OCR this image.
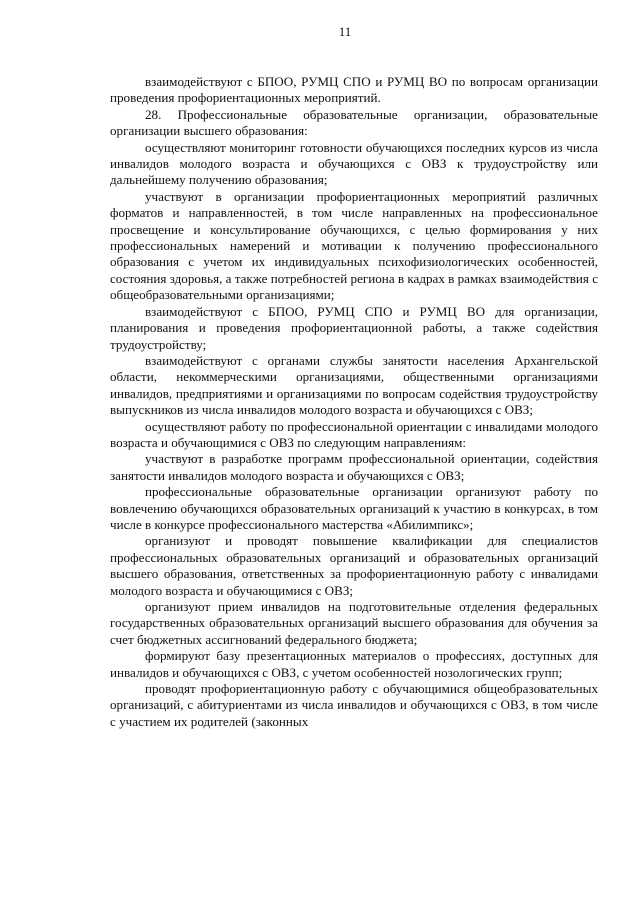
11

взаимодействуют с БПОО, РУМЦ СПО и РУМЦ ВО по вопросам организации проведения профориентационных мероприятий.

28. Профессиональные образовательные организации, образовательные организации высшего образования:

осуществляют мониторинг готовности обучающихся последних курсов из числа инвалидов молодого возраста и обучающихся с ОВЗ к трудоустройству или дальнейшему получению образования;

участвуют в организации профориентационных мероприятий различных форматов и направленностей, в том числе направленных на профессиональное просвещение и консультирование обучающихся, с целью формирования у них профессиональных намерений и мотивации к получению профессионального образования с учетом их индивидуальных психофизиологических особенностей, состояния здоровья, а также потребностей региона в кадрах в рамках взаимодействия с общеобразовательными организациями;

взаимодействуют с БПОО, РУМЦ СПО и РУМЦ ВО для организации, планирования и проведения профориентационной работы, а также содействия трудоустройству;

взаимодействуют с органами службы занятости населения Архангельской области, некоммерческими организациями, общественными организациями инвалидов, предприятиями и организациями по вопросам содействия трудоустройству выпускников из числа инвалидов молодого возраста и обучающихся с ОВЗ;

осуществляют работу по профессиональной ориентации с инвалидами молодого возраста и обучающимися с ОВЗ по следующим направлениям:

участвуют в разработке программ профессиональной ориентации, содействия занятости инвалидов молодого возраста и обучающихся с ОВЗ;

профессиональные образовательные организации организуют работу по вовлечению обучающихся образовательных организаций к участию в конкурсах, в том числе в конкурсе профессионального мастерства «Абилимпикс»;

организуют и проводят повышение квалификации для специалистов профессиональных образовательных организаций и образовательных организаций высшего образования, ответственных за профориентационную работу с инвалидами молодого возраста и обучающимися с ОВЗ;

организуют прием инвалидов на подготовительные отделения федеральных государственных образовательных организаций высшего образования для обучения за счет бюджетных ассигнований федерального бюджета;

формируют базу презентационных материалов о профессиях, доступных для инвалидов и обучающихся с ОВЗ, с учетом особенностей нозологических групп;

проводят профориентационную работу с обучающимися общеобразовательных организаций, с абитуриентами из числа инвалидов и обучающихся с ОВЗ, в том числе с участием их родителей (законных
